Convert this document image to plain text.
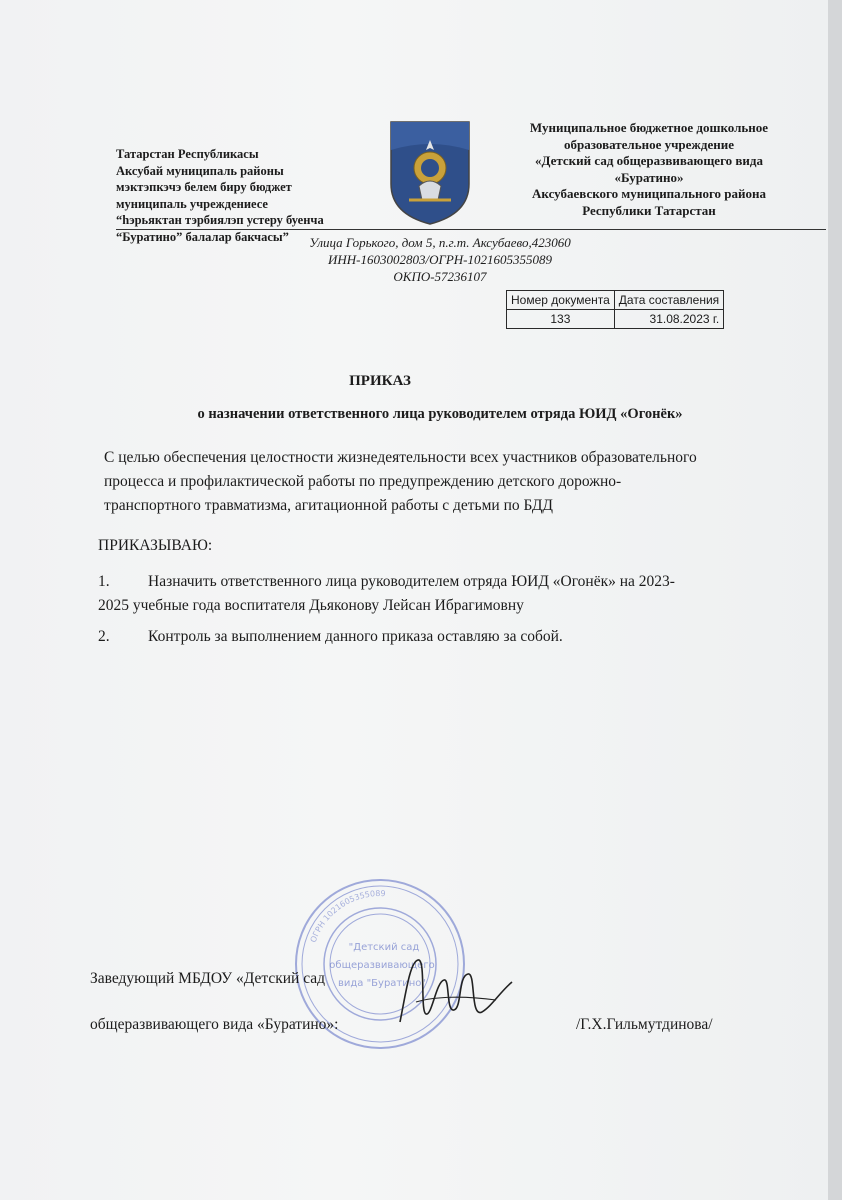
Татарстан Республикасы
Аксубай муниципаль районы
мэктэпкэчэ белем биру бюджет
муниципаль учреждениесе
“hэрьяктан тэрбиялэп устеру буенча
“Буратино” балалар бакчасы”
Муниципальное бюджетное дошкольное
образовательное учреждение
«Детский сад общеразвивающего вида
«Буратино»
Аксубаевского муниципального района
Республики Татарстан
Улица Горького, дом 5, п.г.т. Аксубаево,423060
ИНН-1603002803/ОГРН-1021605355089
ОКПО-57236107
Номер документа	Дата составления
133	31.08.2023 г.
ПРИКАЗ
о назначении ответственного лица руководителем отряда ЮИД «Огонёк»
С целью обеспечения целостности жизнедеятельности всех участников образовательного
процесса и профилактической работы по предупреждению детского дорожно-
транспортного травматизма, агитационной работы с детьми по БДД
ПРИКАЗЫВАЮ:
1. Назначить ответственного лица руководителем отряда ЮИД «Огонёк» на 2023-
2025 учебные года воспитателя Дьяконову Лейсан Ибрагимовну
2. Контроль за выполнением данного приказа оставляю за собой.
ОГРН 1021605355089
"Детский сад
общеразвивающего
вида "Буратино"
Заведующий МБДОУ «Детский сад
общеразвивающего вида «Буратино»:	/Г.Х.Гильмутдинова/
